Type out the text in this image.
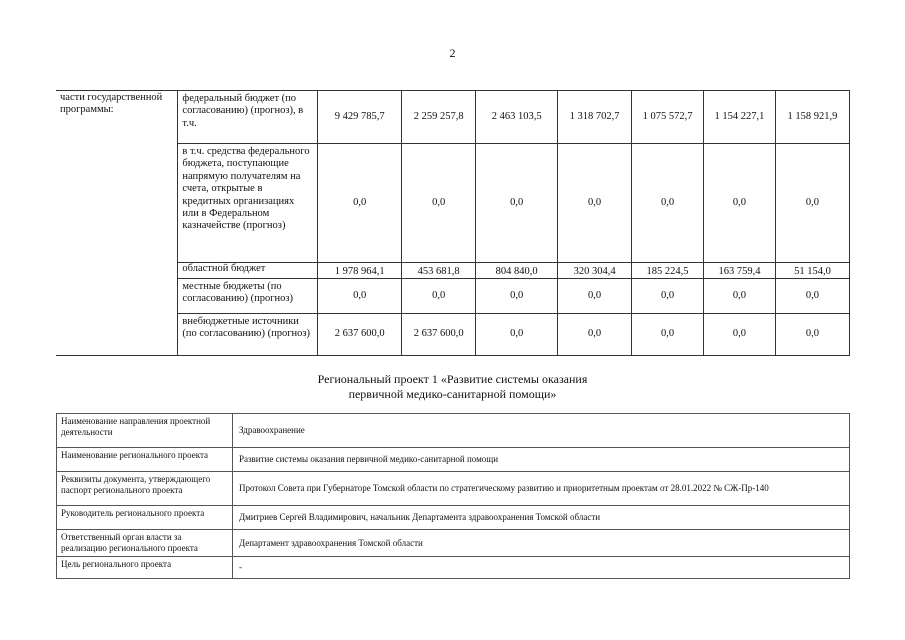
2
части государственной программы:	федеральный бюджет (по согласованию) (прогноз), в т.ч.	9 429 785,7	2 259 257,8	2 463 103,5	1 318 702,7	1 075 572,7	1 154 227,1	1 158 921,9
	в т.ч. средства федерального бюджета, поступающие напрямую получателям на счета, открытые в кредитных организациях или в Федеральном казначействе (прогноз)	0,0	0,0	0,0	0,0	0,0	0,0	0,0
	областной бюджет	1 978 964,1	453 681,8	804 840,0	320 304,4	185 224,5	163 759,4	51 154,0
	местные бюджеты (по согласованию) (прогноз)	0,0	0,0	0,0	0,0	0,0	0,0	0,0
	внебюджетные источники (по согласованию) (прогноз)	2 637 600,0	2 637 600,0	0,0	0,0	0,0	0,0	0,0
Региональный проект 1 «Развитие системы оказания
первичной медико-санитарной помощи»
Наименование направления проектной деятельности	Здравоохранение
Наименование регионального проекта	Развитие системы оказания первичной медико-санитарной помощи
Реквизиты документа, утверждающего паспорт регионального проекта	Протокол Совета при Губернаторе Томской области по стратегическому развитию и приоритетным проектам от 28.01.2022 № СЖ-Пр-140
Руководитель регионального проекта	Дмитриев Сергей Владимирович, начальник Департамента здравоохранения Томской области
Ответственный орган власти за реализацию регионального проекта	Департамент здравоохранения Томской области
Цель регионального проекта	-
